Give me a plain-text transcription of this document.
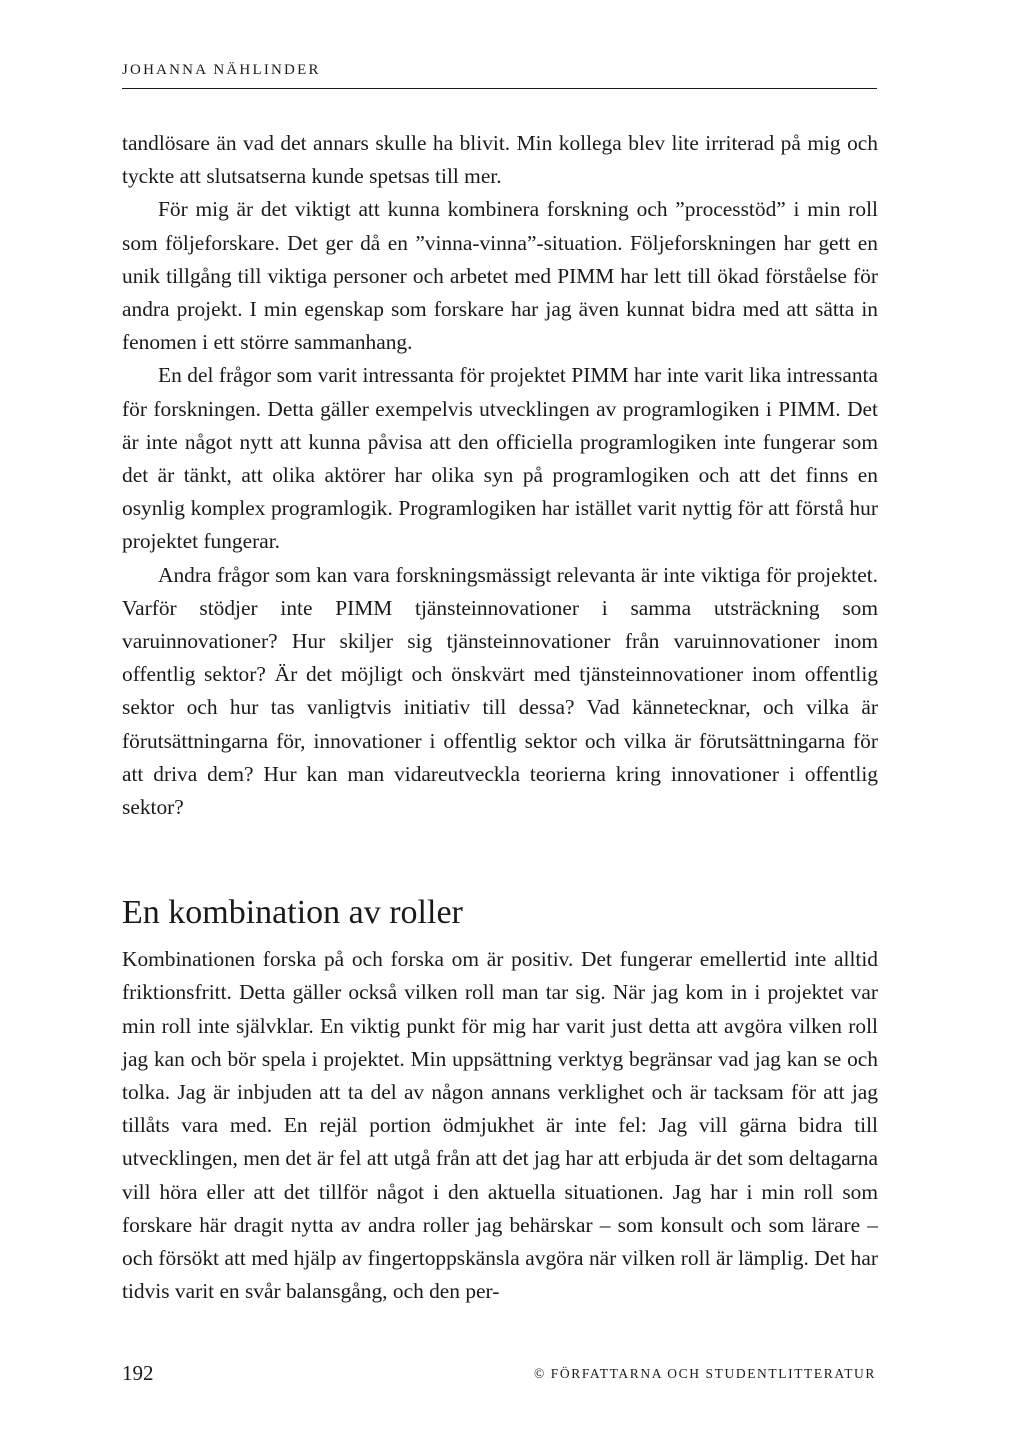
JOHANNA NÄHLINDER

tandlösare än vad det annars skulle ha blivit. Min kollega blev lite irriterad på mig och tyckte att slutsatserna kunde spetsas till mer.

För mig är det viktigt att kunna kombinera forskning och ”processtöd” i min roll som följeforskare. Det ger då en ”vinna-vinna”-situation. Följeforskningen har gett en unik tillgång till viktiga personer och arbetet med PIMM har lett till ökad förståelse för andra projekt. I min egenskap som forskare har jag även kunnat bidra med att sätta in fenomen i ett större sammanhang.

En del frågor som varit intressanta för projektet PIMM har inte varit lika intressanta för forskningen. Detta gäller exempelvis utvecklingen av programlogiken i PIMM. Det är inte något nytt att kunna påvisa att den officiella programlogiken inte fungerar som det är tänkt, att olika aktörer har olika syn på programlogiken och att det finns en osynlig komplex programlogik. Programlogiken har istället varit nyttig för att förstå hur projektet fungerar.

Andra frågor som kan vara forskningsmässigt relevanta är inte viktiga för projektet. Varför stödjer inte PIMM tjänsteinnovationer i samma utsträckning som varuinnovationer? Hur skiljer sig tjänsteinnovationer från varuinnovationer inom offentlig sektor? Är det möjligt och önskvärt med tjänsteinnovationer inom offentlig sektor och hur tas vanligtvis initiativ till dessa? Vad kännetecknar, och vilka är förutsättningarna för, innovationer i offentlig sektor och vilka är förutsättningarna för att driva dem? Hur kan man vidareutveckla teorierna kring innovationer i offentlig sektor?

En kombination av roller

Kombinationen forska på och forska om är positiv. Det fungerar emellertid inte alltid friktionsfritt. Detta gäller också vilken roll man tar sig. När jag kom in i projektet var min roll inte självklar. En viktig punkt för mig har varit just detta att avgöra vilken roll jag kan och bör spela i projektet. Min uppsättning verktyg begränsar vad jag kan se och tolka. Jag är inbjuden att ta del av någon annans verklighet och är tacksam för att jag tillåts vara med. En rejäl portion ödmjukhet är inte fel: Jag vill gärna bidra till utvecklingen, men det är fel att utgå från att det jag har att erbjuda är det som deltagarna vill höra eller att det tillför något i den aktuella situationen. Jag har i min roll som forskare här dragit nytta av andra roller jag behärskar – som konsult och som lärare – och försökt att med hjälp av fingertoppskänsla avgöra när vilken roll är lämplig. Det har tidvis varit en svår balansgång, och den per-

192	© FÖRFATTARNA OCH STUDENTLITTERATUR
